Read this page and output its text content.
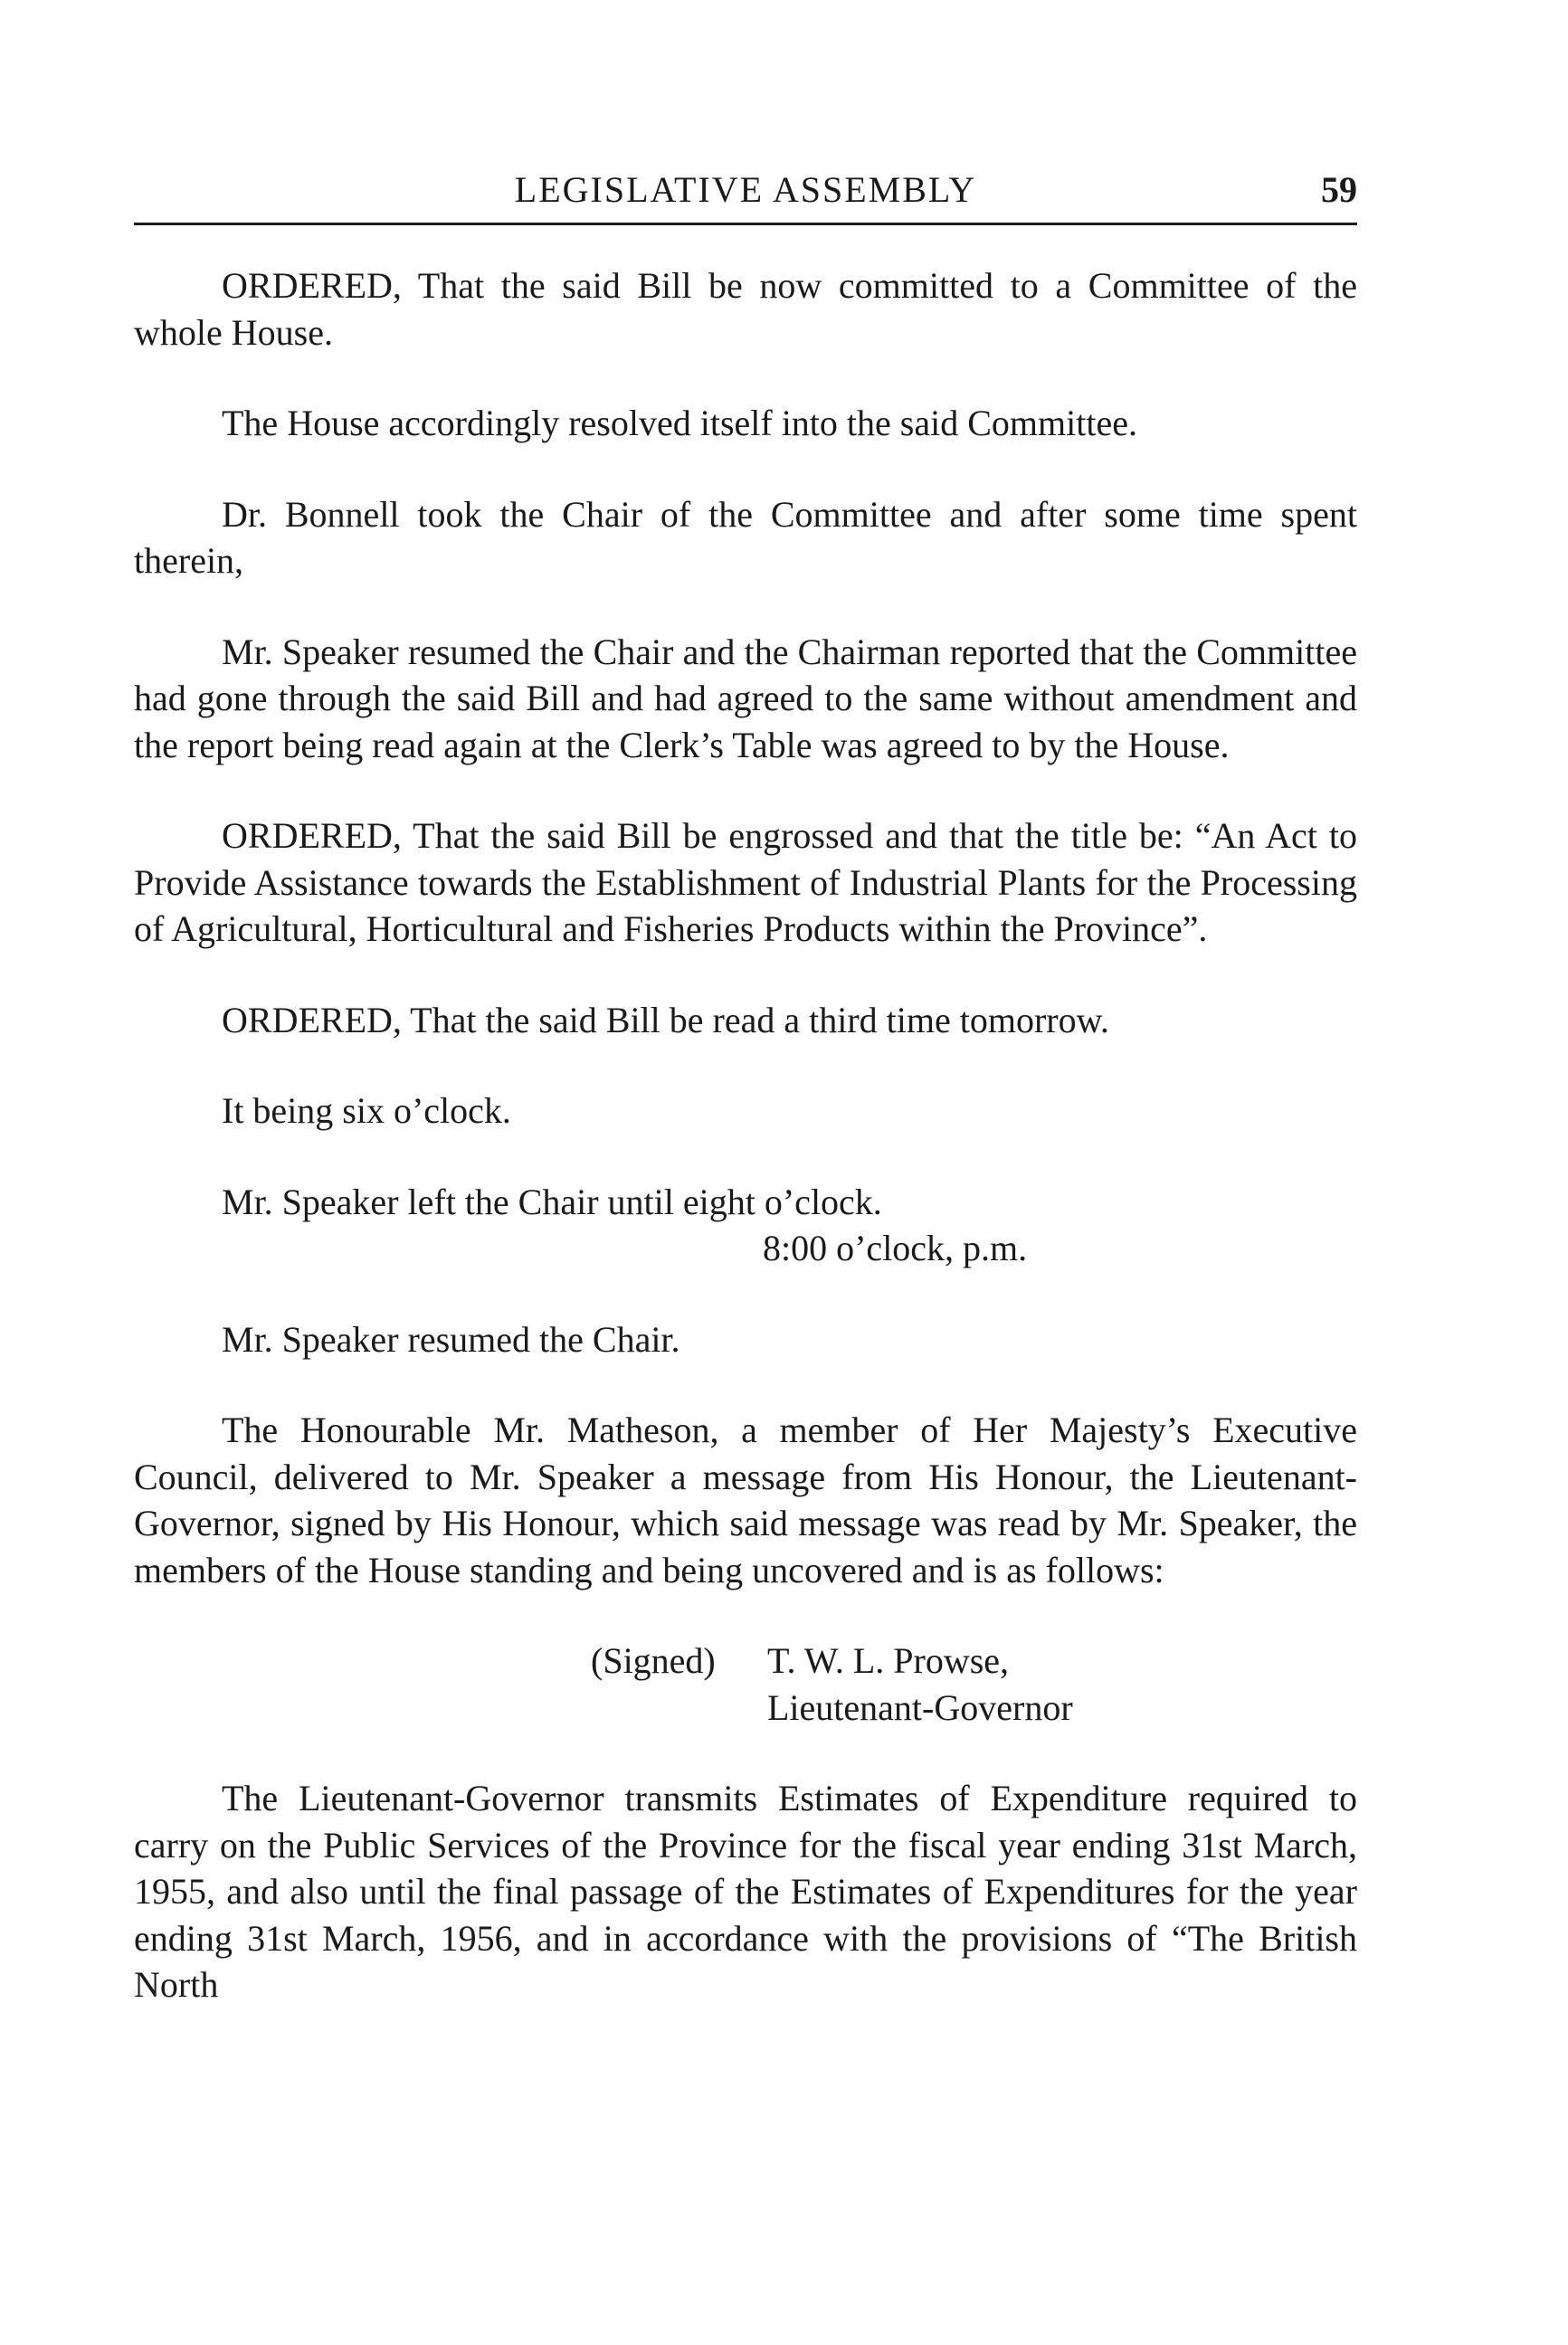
LEGISLATIVE ASSEMBLY	59

ORDERED, That the said Bill be now committed to a Committee of the whole House.

The House accordingly resolved itself into the said Committee.

Dr. Bonnell took the Chair of the Committee and after some time spent therein,

Mr. Speaker resumed the Chair and the Chairman reported that the Committee had gone through the said Bill and had agreed to the same without amendment and the report being read again at the Clerk’s Table was agreed to by the House.

ORDERED, That the said Bill be engrossed and that the title be: “An Act to Provide Assistance towards the Establishment of Industrial Plants for the Processing of Agricultural, Horticultural and Fisheries Products within the Province”.

ORDERED, That the said Bill be read a third time tomorrow.

It being six o’clock.

Mr. Speaker left the Chair until eight o’clock.

8:00 o’clock, p.m.

Mr. Speaker resumed the Chair.

The Honourable Mr. Matheson, a member of Her Majesty’s Executive Council, delivered to Mr. Speaker a message from His Honour, the Lieutenant-Governor, signed by His Honour, which said message was read by Mr. Speaker, the members of the House standing and being uncovered and is as follows:

(Signed)	T. W. L. Prowse,
Lieutenant-Governor

The Lieutenant-Governor transmits Estimates of Expenditure required to carry on the Public Services of the Province for the fiscal year ending 31st March, 1955, and also until the final passage of the Estimates of Expenditures for the year ending 31st March, 1956, and in accordance with the provisions of “The British North
